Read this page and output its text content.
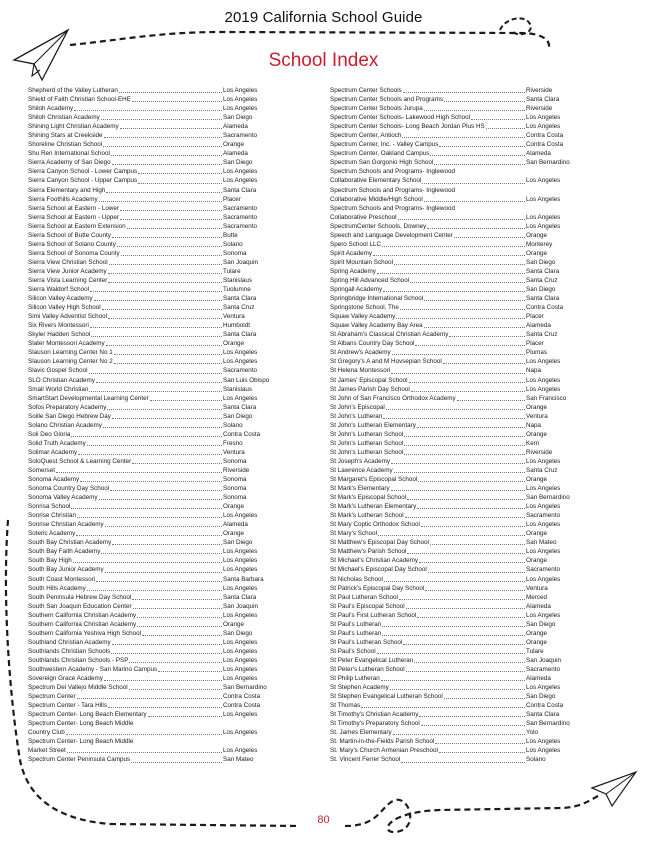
2019 California School Guide
School Index
Shepherd of the Valley Lutheran	Los Angeles
Shield of Faith Christian School-EHE	Los Angeles
Shiloh Academy	Los Angeles
Shiloh Christian Academy	San Diego
Shining Light Christian Academy	Alameda
Shining Stars at Creekside	Sacramento
Shoreline Christian School	Orange
Shu Ren International School	Alameda
Sierra Academy of San Diego	San Diego
Sierra Canyon School - Lower Campus	Los Angeles
Sierra Canyon School - Upper Campus	Los Angeles
Sierra Elementary and High	Santa Clara
Sierra Foothills Academy	Placer
Sierra School at Eastern - Lower	Sacramento
Sierra School at Eastern - Upper	Sacramento
Sierra School at Eastern Extension	Sacramento
Sierra School of Butte County	Butte
Sierra School of Solano County	Solano
Sierra School of Sonoma County	Sonoma
Sierra View Christian School	San Joaquin
Sierra View Junior Academy	Tulare
Sierra Vista Learning Center	Stanislaus
Sierra Waldorf School	Tuolumne
Silicon Valley Academy	Santa Clara
Silicon Valley High School	Santa Cruz
Simi Valley Adventist School	Ventura
Six Rivers Montessori	Humboldt
Skyler Hadden School	Santa Clara
Slater Montessori Academy	Orange
Slauson Learning Center No 1	Los Angeles
Slauson Learning Center No 2	Los Angeles
Slavic Gospel School	Sacramento
SLO Christian Academy	San Luis Obispo
Small World Christian	Stanislaus
SmartStart Developmental Learning Center	Los Angeles
Sofos Preparatory Academy	Santa Clara
Soille San Diego Hebrew Day	San Diego
Solano Christian Academy	Solano
Soli Deo Gloria	Contra Costa
Solid Truth Academy	Fresno
Solimar Academy	Ventura
SoloQuest School & Learning Center	Sonoma
Somerset	Riverside
Sonoma Academy	Sonoma
Sonoma Country Day School	Sonoma
Sonoma Valley Academy	Sonoma
Sonrisa School	Orange
Sonrise Christian	Los Angeles
Sonrise Christian Academy	Alameda
Soteric Academy	Orange
South Bay Christian Academy	San Diego
South Bay Faith Academy	Los Angeles
South Bay High	Los Angeles
South Bay Junior Academy	Los Angeles
South Coast Montessori	Santa Barbara
South Hills Academy	Los Angeles
South Peninsula Hebrew Day School	Santa Clara
South San Joaquin Education Center	San Joaquin
Southern California Christian Academy	Los Angeles
Southern California Christian Academy	Orange
Southern California Yeshiva High School	San Diego
Southland Christian Academy	Los Angeles
Southlands Christian Schools	Los Angeles
Southlands Christian Schools - PSP	Los Angeles
Southwestern Academy - San Marino Campus	Los Angeles
Sovereign Grace Academy	Los Angeles
Spectrum Del Vallejo Middle School	San Bernardino
Spectrum Center	Contra Costa
Spectrum Center - Tara Hills	Contra Costa
Spectrum Center- Long Beach Elementary	Los Angeles
Spectrum Center- Long Beach Middle
Country Club	Los Angeles
Spectrum Center- Long Beach Middle
Market Street	Los Angeles
Spectrum Center Peninsula Campus	San Mateo
Spectrum Center Schools	Riverside
Spectrum Center Schools and Programs	Santa Clara
Spectrum Center Schools Jurupa	Riverside
Spectrum Center Schools- Lakewood High School	Los Angeles
Spectrum Center Schools- Long Beach Jordan Plus HS	Los Angeles
Spectrum Center, Antioch	Contra Costa
Spectrum Center, Inc. - Valley Campus	Contra Costa
Spectrum Center, Oakland Campus	Alameda
Spectrum San Gorgonio High School	San Bernardino
Spectrum Schools and Programs- Inglewood
Collaborative Elementary School	Los Angeles
Spectrum Schools and Programs- Inglewood
Collaborative Middle/High School	Los Angeles
Spectrum Schools and Programs- Inglewood
Collaborative Preschool	Los Angeles
SpectrumCenter Schools, Downey	Los Angeles
Speech and Language Development Center	Orange
Spero School LLC	Monterey
Spirit Academy	Orange
Spirit Mountain School	San Diego
Spring Academy	Santa Clara
Spring Hill Advanced School	Santa Cruz
Springall Academy	San Diego
Springbridge International School	Santa Clara
Springstone School, The	Contra Costa
Squaw Valley Academy	Placer
Squaw Valley Academy Bay Area	Alameda
St Abraham's Classical Christian Academy	Santa Cruz
St Albans Country Day School	Placer
St Andrew's Academy	Plumas
St Gregory's A and M Hovsepian School	Los Angeles
St Helena Montessori	Napa
St James' Episcopal School	Los Angeles
St James Parish Day School	Los Angeles
St John of San Francisco Orthodox Academy	San Francisco
St John's Episcopal	Orange
St John's Lutheran	Ventura
St John's Lutheran Elementary	Napa
St John's Lutheran School	Orange
St John's Lutheran School	Kern
St John's Lutheran School	Riverside
St Joseph's Academy	Los Angeles
St Lawrence Academy	Santa Cruz
St Margaret's Episcopal School	Orange
St Mark's Elementary	Los Angeles
St Mark's Episcopal School	San Bernardino
St Mark's Lutheran Elementary	Los Angeles
St Mark's Lutheran School	Sacramento
St Mary Coptic Orthodox School	Los Angeles
St Mary's School	Orange
St Matthew's Episcopal Day School	San Mateo
St Matthew's Parish School	Los Angeles
St Michael's Christian Academy	Orange
St Michael's Episcopal Day School	Sacramento
St Nicholas School	Los Angeles
St Patrick's Episcopal Day School	Ventura
St Paul Lutheran School	Merced
St Paul's Episcopal School	Alameda
St Paul's First Lutheran School	Los Angeles
St Paul's Lutheran	San Diego
St Paul's Lutheran	Orange
St Paul's Lutheran School	Orange
St Paul's School	Tulare
St Peter Evangelical Lutheran	San Joaquin
St Peter's Lutheran School	Sacramento
St Philip Lutheran	Alameda
St Stephen Academy	Los Angeles
St Stephen Evangelical Lutheran School	San Diego
St Thomas	Contra Costa
St Timothy's Christian Academy	Santa Clara
St Timothy's Preparatory School	San Bernardino
St. James Elementary	Yolo
St. Martin-in-the-Fields Parish School	Los Angeles
St. Mary's Church Armenian Preschool	Los Angeles
St. Vincent Ferrer School	Solano
80
